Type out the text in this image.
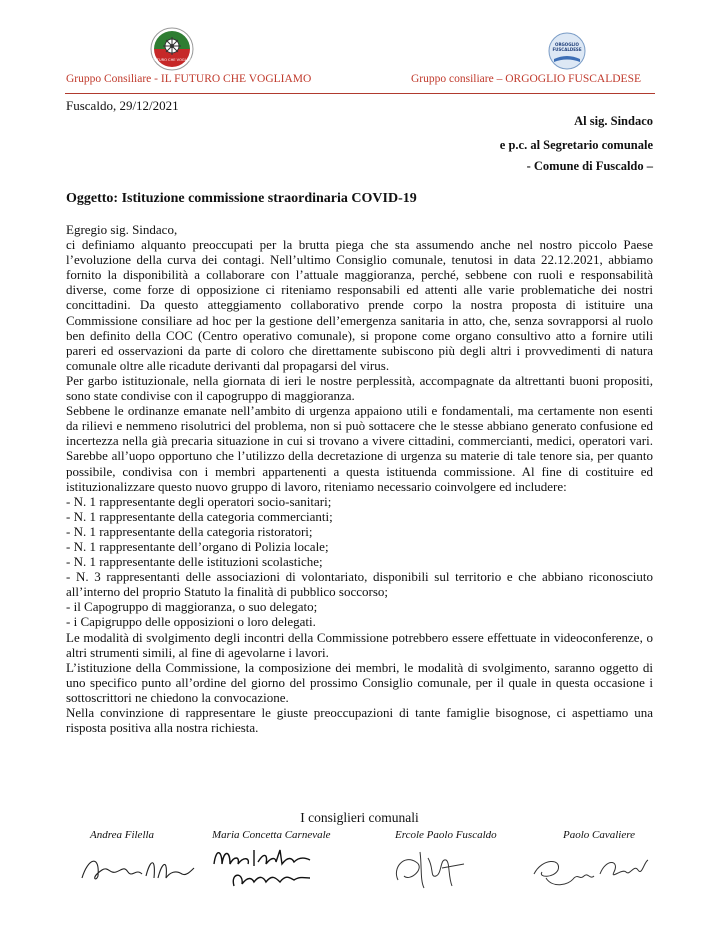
IL FUTURO CHE VOGLIAMO
ORGOGLIO
FUSCALDESE
Gruppo Consiliare - IL FUTURO CHE VOGLIAMO	Gruppo consiliare – ORGOGLIO FUSCALDESE
Fuscaldo, 29/12/2021
Al sig. Sindaco
e p.c. al Segretario comunale
- Comune di Fuscaldo –
Oggetto: Istituzione commissione straordinaria COVID-19

Egregio sig. Sindaco,

ci definiamo alquanto preoccupati per la brutta piega che sta assumendo anche nel nostro piccolo Paese l’evoluzione della curva dei contagi. Nell’ultimo Consiglio comunale, tenutosi in data 22.12.2021, abbiamo fornito la disponibilità a collaborare con l’attuale maggioranza, perché, sebbene con ruoli e responsabilità diverse, come forze di opposizione ci riteniamo responsabili ed attenti alle varie problematiche dei nostri concittadini. Da questo atteggiamento collaborativo prende corpo la nostra proposta di istituire una Commissione consiliare ad hoc per la gestione dell’emergenza sanitaria in atto, che, senza sovrapporsi al ruolo ben definito della COC (Centro operativo comunale), si propone come organo consultivo atto a fornire utili pareri ed osservazioni da parte di coloro che direttamente subiscono più degli altri i provvedimenti di natura comunale oltre alle ricadute derivanti dal propagarsi del virus.

Per garbo istituzionale, nella giornata di ieri le nostre perplessità, accompagnate da altrettanti buoni propositi, sono state condivise con il capogruppo di maggioranza.

Sebbene le ordinanze emanate nell’ambito di urgenza appaiono utili e fondamentali, ma certamente non esenti da rilievi e nemmeno risolutrici del problema, non si può sottacere che le stesse abbiano generato confusione ed incertezza nella già precaria situazione in cui si trovano a vivere cittadini, commercianti, medici, operatori vari. Sarebbe all’uopo opportuno che l’utilizzo della decretazione di urgenza su materie di tale tenore sia, per quanto possibile, condivisa con i membri appartenenti a questa istituenda commissione. Al fine di costituire ed istituzionalizzare questo nuovo gruppo di lavoro, riteniamo necessario coinvolgere ed includere:

- N. 1 rappresentante degli operatori socio-sanitari;

- N. 1 rappresentante della categoria commercianti;

- N. 1 rappresentante della categoria ristoratori;

- N. 1 rappresentante dell’organo di Polizia locale;

- N. 1 rappresentante delle istituzioni scolastiche;

- N. 3 rappresentanti delle associazioni di volontariato, disponibili sul territorio e che abbiano riconosciuto all’interno del proprio Statuto la finalità di pubblico soccorso;

- il Capogruppo di maggioranza, o suo delegato;

- i Capigruppo delle opposizioni o loro delegati.

Le modalità di svolgimento degli incontri della Commissione potrebbero essere effettuate in videoconferenze, o altri strumenti simili, al fine di agevolarne i lavori.

L’istituzione della Commissione, la composizione dei membri, le modalità di svolgimento, saranno oggetto di uno specifico punto all’ordine del giorno del prossimo Consiglio comunale, per il quale in questa occasione i sottoscrittori ne chiedono la convocazione.

Nella convinzione di rappresentare le giuste preoccupazioni di tante famiglie bisognose, ci aspettiamo una risposta positiva alla nostra richiesta.

I consiglieri comunali
Andrea Filella	Maria Concetta Carnevale	Ercole Paolo Fuscaldo	Paolo Cavaliere
